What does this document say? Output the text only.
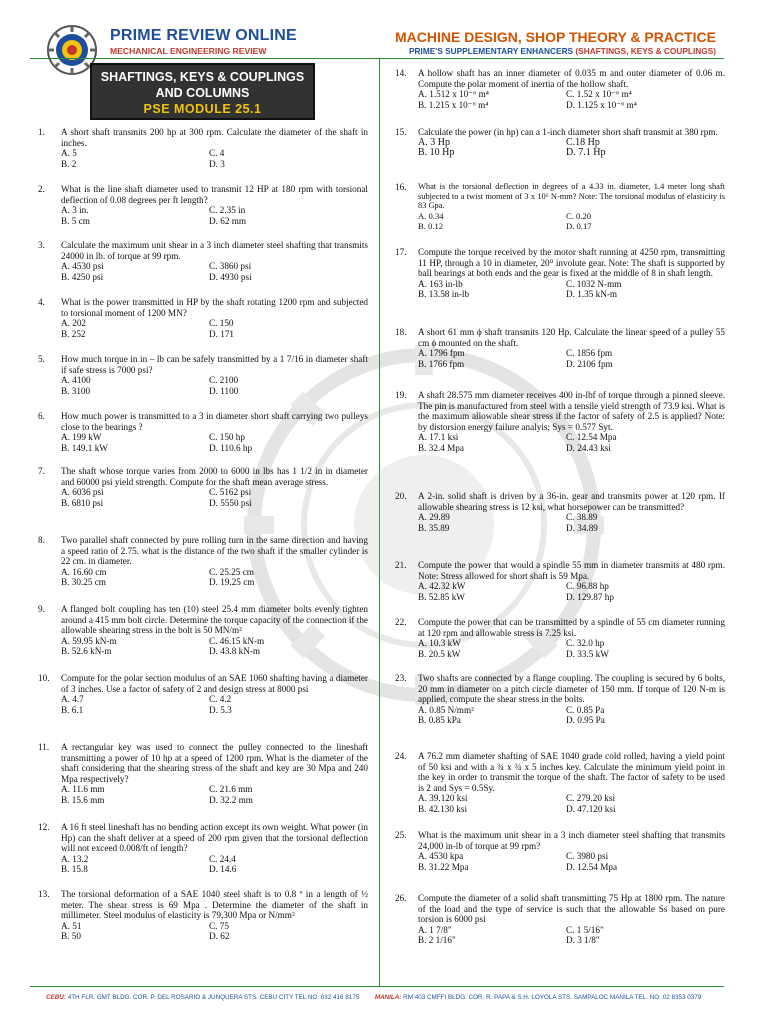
PRIME REVIEW ONLINE
MECHANICAL ENGINEERING REVIEW
MACHINE DESIGN, SHOP THEORY & PRACTICE
PRIME'S SUPPLEMENTARY ENHANCERS (SHAFTINGS, KEYS & COUPLINGS)
SHAFTINGS, KEYS & COUPLINGS
AND COLUMNS
PSE MODULE 25.1
1.	A short shaft transmits 200 hp at 300 rpm. Calculate the diameter of the shaft in inches.
A. 5	C. 4
B. 2	D. 3
2.	What is the line shaft diameter used to transmit 12 HP at 180 rpm with torsional deflection of 0.08 degrees per ft length?
A. 3 in.	C. 2.35 in
B. 5 cm	D. 62 mm
3.	Calculate the maximum unit shear in a 3 inch diameter steel shafting that transmits 24000 in lb. of torque at 99 rpm.
A. 4530 psi	C. 3860 psi
B. 4250 psi	D. 4930 psi
4.	What is the power transmitted in HP by the shaft rotating 1200 rpm and subjected to torsional moment of 1200 MN?
A. 202	C. 150
B. 252	D. 171
5.	How much torque in in – lb can be safely transmitted by a 1 7/16 in diameter shaft if safe stress is 7000 psi?
A. 4100	C. 2100
B. 3100	D. 1100
6.	How much power is transmitted to a 3 in diameter short shaft carrying two pulleys close to the bearings ?
A. 199 kW	C. 150 hp
B. 149.1 kW	D. 110.6 hp
7.	The shaft whose torque varies from 2000 to 6000 in lbs has 1 1/2 in in diameter and 60000 psi yield strength. Compute for the shaft mean average stress.
A. 6036 psi	C. 5162 psi
B. 6810 psi	D. 5550 psi
8.	Two parallel shaft connected by pure rolling turn in the same direction and having a speed ratio of 2.75. what is the distance of the two shaft if the smaller cylinder is 22 cm. in diameter.
A. 16.60 cm	C. 25.25 cm
B. 30.25 cm	D. 19.25 cm
9.	A flanged bolt coupling has ten (10) steel 25.4 mm diameter bolts evenly tighten around a 415 mm bolt circle. Determine the torque capacity of the connection if the allowable shearing stress in the bolt is 50 MN/m²
A. 59.95 kN-m	C. 46.15 kN-m
B. 52.6 kN-m	D. 43.8 kN-m
10.	Compute for the polar section modulus of an SAE 1060 shafting having a diameter of 3 inches. Use a factor of safety of 2 and design stress at 8000 psi
A. 4.7	C. 4.2
B. 6.1	D. 5.3
11.	A rectangular key was used to connect the pulley connected to the lineshaft transmitting a power of 10 hp at a speed of 1200 rpm. What is the diameter of the shaft considering that the shearing stress of the shaft and key are 30 Mpa and 240 Mpa respectively?
A. 11.6 mm	C. 21.6 mm
B. 15.6 mm	D. 32.2 mm
12.	A 16 ft steel lineshaft has no bending action except its own weight. What power (in Hp) can the shaft deliver at a speed of 200 rpm given that the torsional deflection will not exceed 0.008/ft of length?
A. 13.2	C. 24.4
B. 15.8	D. 14.6
13.	The torsional deformation of a SAE 1040 steel shaft is to 0.8 º in a length of ½ meter. The shear stress is 69 Mpa . Determine the diameter of the shaft in millimeter. Steel modulus of elasticity is 79,300 Mpa or N/mm²
A. 51	C. 75
B. 50	D. 62
14.	A hollow shaft has an inner diameter of 0.035 m and outer diameter of 0.06 m. Compute the polar moment of inertia of the hollow shaft.
A. 1.512 x 10⁻⁶ m⁴	C. 1.52 x 10⁻⁶ m⁴
B. 1.215 x 10⁻⁶ m⁴	D. 1.125 x 10⁻⁶ m⁴
15.	Calculate the power (in hp) can a 1-inch diameter short shaft transmit at 380 rpm.
A. 3 Hp	C.18 Hp
B. 10 Hp	D. 7.1 Hp
16.	What is the torsional deflection in degrees of a 4.33 in. diameter, 1.4 meter long shaft subjected to a twist moment of 3 x 10⁶ N-mm? Note: The torsional modulus of elasticity is 83 Gpa.
A. 0.34	C. 0.20
B. 0.12	D. 0.17
17.	Compute the torque received by the motor shaft running at 4250 rpm, transmitting 11 HP, through a 10 in diameter, 20⁰ involute gear. Note: The shaft is supported by ball bearings at both ends and the gear is fixed at the middle of 8 in shaft length.
A. 163 in-lb	C. 1032 N-mm
B. 13.58 in-lb	D. 1.35 kN-m
18.	A short 61 mm ϕ shaft transmits 120 Hp. Calculate the linear speed of a pulley 55 cm ϕ mounted on the shaft.
A. 1796 fpm	C. 1856 fpm
B. 1766 fpm	D. 2106 fpm
19.	A shaft 28.575 mm diameter receives 400 in-lbf of torque through a pinned sleeve. The pin is manufactured from steel with a tensile yield strength of 73.9 ksi. What is the maximum allowable shear stress if the factor of safety of 2.5 is applied? Note: by distorsion energy failure analyis; Sys = 0.577 Syt.
A. 17.1 ksi	C. 12.54 Mpa
B. 32.4 Mpa	D. 24.43 ksi
20.	A 2-in. solid shaft is driven by a 36-in. gear and transmits power at 120 rpm. If allowable shearing stress is 12 ksi, what horsepower can be transmitted?
A. 29.89	C. 38.89
B. 35.89	D. 34.89
21.	Compute the power that would a spindle 55 mm in diameter transmits at 480 rpm. Note: Stress allowed for short shaft is 59 Mpa.
A. 42.32 kW	C. 96.88 hp
B. 52.85 kW	D. 129.87 hp
22.	Compute the power that can be transmitted by a spindle of 55 cm diameter running at 120 rpm and allowable stress is 7.25 ksi.
A. 10.3 kW	C. 32.0 hp
B. 20.5 kW	D. 33.5 kW
23.	Two shafts are connected by a flange coupling. The coupling is secured by 6 bolts, 20 mm in diameter on a pitch circle diameter of 150 mm. If torque of 120 N-m is applied, compute the shear stress in the bolts.
A. 0.85 N/mm²	C. 0.85 Pa
B. 0.85 kPa	D. 0.95 Pa
24.	A 76.2 mm diameter shafting of SAE 1040 grade cold rolled, having a yield point of 50 ksi and with a ¾ x ¾ x 5 inches key. Calculate the minimum yield point in the key in order to transmit the torque of the shaft. The factor of safety to be used is 2 and Sys = 0.5Sy.
A. 39.120 ksi	C. 279.20 ksi
B. 42.130 ksi	D. 47.120 ksi
25.	What is the maximum unit shear in a 3 inch diameter steel shafting that transmits 24,000 in-lb of torque at 99 rpm?
A. 4530 kpa	C. 3980 psi
B. 31.22 Mpa	D. 12.54 Mpa
26.	Compute the diameter of a solid shaft transmitting 75 Hp at 1800 rpm. The nature of the load and the type of service is such that the allowable Ss based on pure torsion is 6000 psi
A. 1 7/8"	C. 1 5/16"
B. 2 1/16"	D. 3 1/8"
CEBU: 4TH FLR. GMT BLDG. COR. P. DEL ROSARIO & JUNQUERA STS. CEBU CITY TEL NO. 032 416 8175 MANILA: RM 403 CMFFI BLDG. COR. R. PAPA & S.H. LOYOLA STS. SAMPALOC MANILA TEL. NO. 02 8353 0379
